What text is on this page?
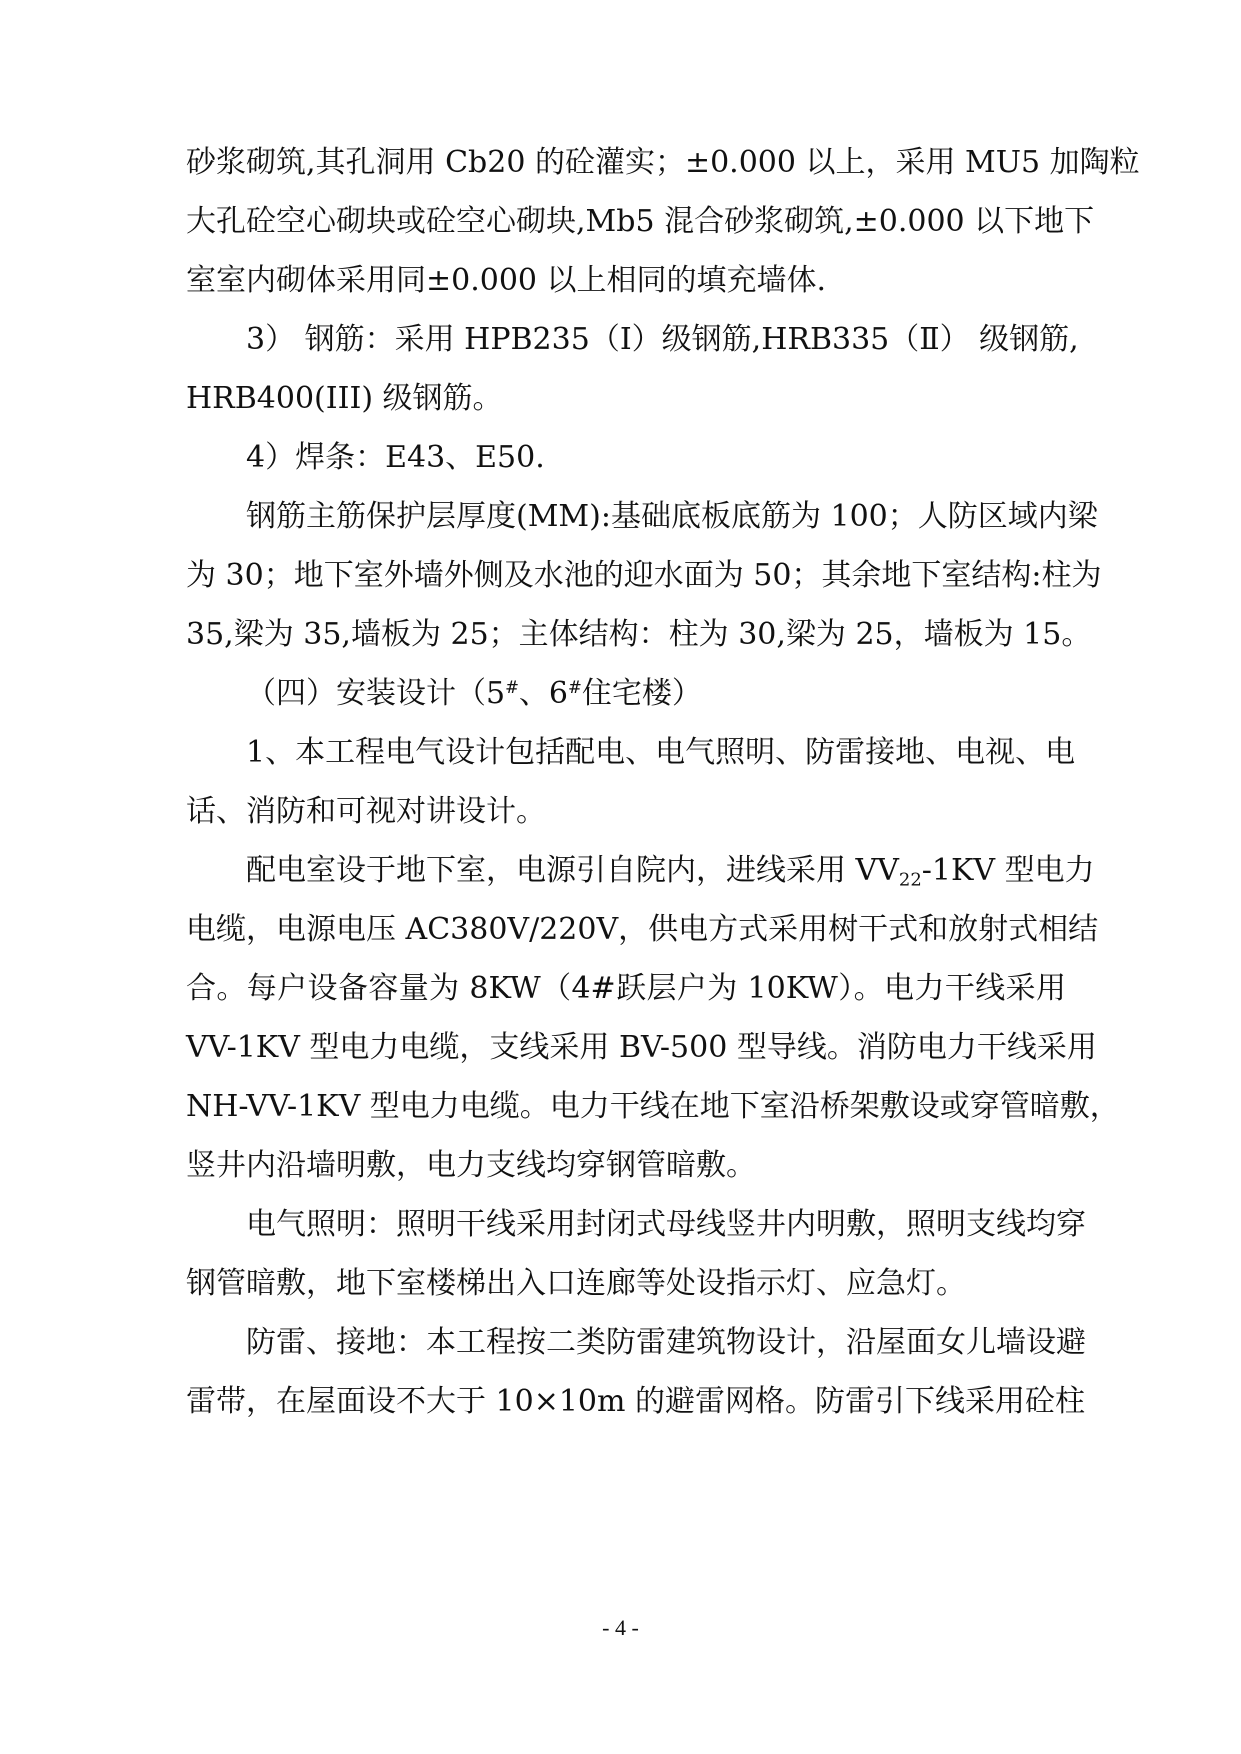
砂浆砌筑,其孔洞用 Cb20 的砼灌实；±0.000 以上，采用 MU5 加陶粒
大孔砼空心砌块或砼空心砌块,Mb5 混合砂浆砌筑,±0.000 以下地下
室室内砌体采用同±0.000 以上相同的填充墙体.
3） 钢筋：采用 HPB235（Ⅰ）级钢筋,HRB335（Ⅱ） 级钢筋,
HRB400(III) 级钢筋。
4）焊条：E43、E50.
钢筋主筋保护层厚度(MM):基础底板底筋为 100；人防区域内梁
为 30；地下室外墙外侧及水池的迎水面为 50；其余地下室结构:柱为
35,梁为 35,墙板为 25；主体结构：柱为 30,梁为 25，墙板为 15。
（四）安装设计（5#、6#住宅楼）
1、本工程电气设计包括配电、电气照明、防雷接地、电视、电
话、消防和可视对讲设计。
配电室设于地下室，电源引自院内，进线采用 $VV_{22}-1KV$ 型电力
电缆，电源电压 AC380V/220V，供电方式采用树干式和放射式相结
合。每户设备容量为 8KW（4#跃层户为 10KW）。电力干线采用
VV-1KV 型电力电缆，支线采用 BV-500 型导线。消防电力干线采用
NH-VV-1KV 型电力电缆。电力干线在地下室沿桥架敷设或穿管暗敷，
竖井内沿墙明敷，电力支线均穿钢管暗敷。
电气照明：照明干线采用封闭式母线竖井内明敷，照明支线均穿
钢管暗敷，地下室楼梯出入口连廊等处设指示灯、应急灯。
防雷、接地：本工程按二类防雷建筑物设计，沿屋面女儿墙设避
雷带，在屋面设不大于 10×10m 的避雷网格。防雷引下线采用砼柱
- 4 -
